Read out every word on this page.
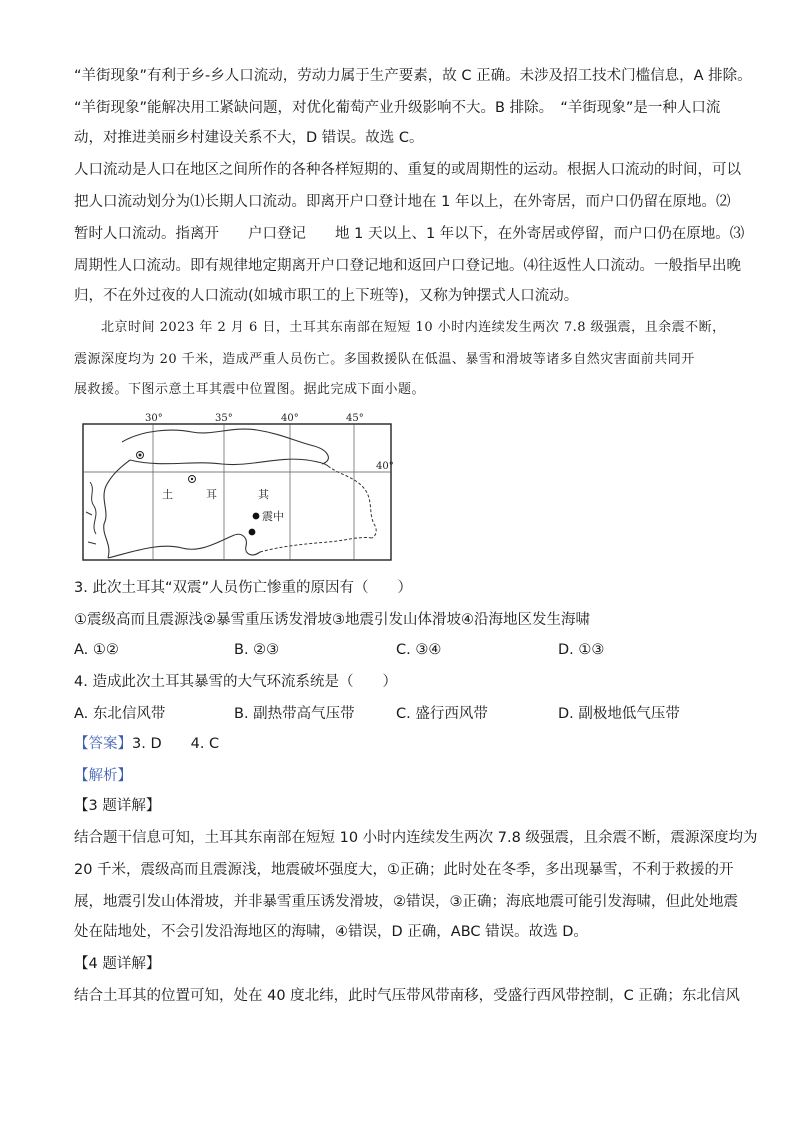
“羊街现象”有利于乡-乡人口流动，劳动力属于生产要素，故 C 正确。未涉及招工技术门槛信息，A 排除。
“羊街现象”能解决用工紧缺问题，对优化葡萄产业升级影响不大。B 排除。　“羊街现象”是一种人口流
动，对推进美丽乡村建设关系不大，D 错误。故选 C。
人口流动是人口在地区之间所作的各种各样短期的、重复的或周期性的运动。根据人口流动的时间，可以
把人口流动划分为⑴长期人口流动。即离开户口登计地在 1 年以上，在外寄居，而户口仍留在原地。⑵
暂时人口流动。指离开　　户口登记　　地 1 天以上、1 年以下，在外寄居或停留，而户口仍在原地。⑶
周期性人口流动。即有规律地定期离开户口登记地和返回户口登记地。⑷往返性人口流动。一般指早出晚
归，不在外过夜的人口流动(如城市职工的上下班等)，又称为钟摆式人口流动。
　　北京时间 2023 年 2 月 6 日，土耳其东南部在短短 10 小时内连续发生两次 7.8 级强震，且余震不断，
震源深度均为 20 千米，造成严重人员伤亡。多国救援队在低温、暴雪和滑坡等诸多自然灾害面前共同开
展救援。下图示意土耳其震中位置图。据此完成下面小题。
30°	35°	40°	45°
40°
土	耳	其
震中
3. 此次土耳其“双震”人员伤亡惨重的原因有（　　）
①震级高而且震源浅②暴雪重压诱发滑坡③地震引发山体滑坡④沿海地区发生海啸
A. ①②	B. ②③	C. ③④	D. ①③
4. 造成此次土耳其暴雪的大气环流系统是（　　）
A. 东北信风带	B. 副热带高气压带	C. 盛行西风带	D. 副极地低气压带
【答案】3. D　　4. C
【解析】
【3 题详解】
结合题干信息可知，土耳其东南部在短短 10 小时内连续发生两次 7.8 级强震，且余震不断，震源深度均为
20 千米，震级高而且震源浅，地震破坏强度大，①正确；此时处在冬季，多出现暴雪，不利于救援的开
展，地震引发山体滑坡，并非暴雪重压诱发滑坡，②错误，③正确；海底地震可能引发海啸，但此处地震
处在陆地处，不会引发沿海地区的海啸，④错误，D 正确，ABC 错误。故选 D。
【4 题详解】
结合土耳其的位置可知，处在 40 度北纬，此时气压带风带南移，受盛行西风带控制，C 正确；东北信风
